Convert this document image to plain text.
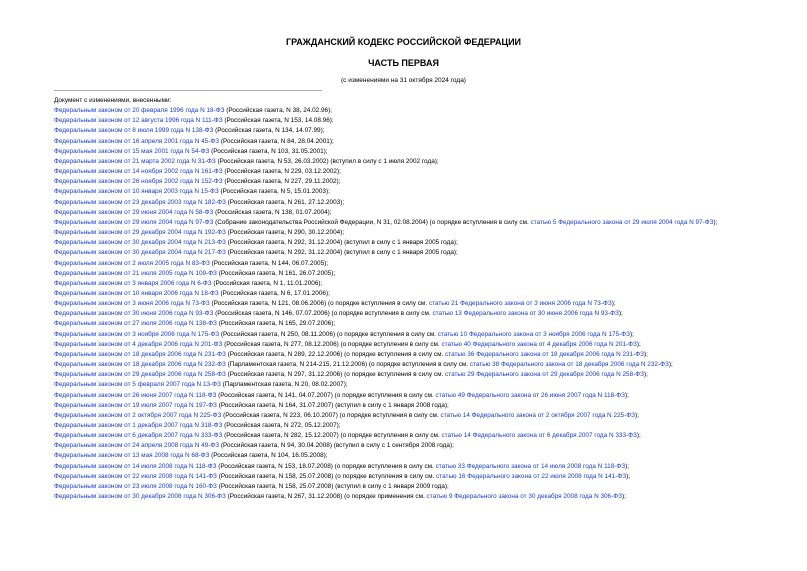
ГРАЖДАНСКИЙ КОДЕКС РОССИЙСКОЙ ФЕДЕРАЦИИ
ЧАСТЬ ПЕРВАЯ
(с изменениями на 31 октября 2024 года)
Документ с изменениями, внесенными:
Федеральным законом от 20 февраля 1996 года N 18-ФЗ (Российская газета, N 38, 24.02.96);
Федеральным законом от 12 августа 1996 года N 111-ФЗ (Российская газета, N 153, 14.08.96);
Федеральным законом от 8 июля 1999 года N 138-ФЗ (Российская газета, N 134, 14.07.99);
Федеральным законом от 16 апреля 2001 года N 45-ФЗ (Российская газета, N 84, 28.04.2001);
Федеральным законом от 15 мая 2001 года N 54-ФЗ (Российская газета, N 103, 31.05.2001);
Федеральным законом от 21 марта 2002 года N 31-ФЗ (Российская газета, N 53, 26.03.2002) (вступил в силу с 1 июля 2002 года);
Федеральным законом от 14 ноября 2002 года N 161-ФЗ (Российская газета, N 229, 03.12.2002);
Федеральным законом от 26 ноября 2002 года N 152-ФЗ (Российская газета, N 227, 29.11.2002);
Федеральным законом от 10 января 2003 года N 15-ФЗ (Российская газета, N 5, 15.01.2003);
Федеральным законом от 23 декабря 2003 года N 182-ФЗ (Российская газета, N 261, 27.12.2003);
Федеральным законом от 29 июня 2004 года N 58-ФЗ (Российская газета, N 138, 01.07.2004);
Федеральным законом от 29 июля 2004 года N 97-ФЗ (Собрание законодательства Российской Федерации, N 31, 02.08.2004) (о порядке вступления в силу см. статью 5 Федерального закона от 29 июля 2004 года N 97-ФЗ);
Федеральным законом от 29 декабря 2004 года N 192-ФЗ (Российская газета, N 290, 30.12.2004);
Федеральным законом от 30 декабря 2004 года N 213-ФЗ (Российская газета, N 292, 31.12.2004) (вступил в силу с 1 января 2005 года);
Федеральным законом от 30 декабря 2004 года N 217-ФЗ (Российская газета, N 292, 31.12.2004) (вступил в силу с 1 января 2005 года);
Федеральным законом от 2 июля 2005 года N 83-ФЗ (Российская газета, N 144, 06.07.2005);
Федеральным законом от 21 июля 2005 года N 109-ФЗ (Российская газета, N 161, 26.07.2005);
Федеральным законом от 3 января 2006 года N 6-ФЗ (Российская газета, N 1, 11.01.2006);
Федеральным законом от 10 января 2006 года N 18-ФЗ (Российская газета, N 6, 17.01.2006);
Федеральным законом от 3 июня 2006 года N 73-ФЗ (Российская газета, N 121, 08.06.2006) (о порядке вступления в силу см. статью 21 Федерального закона от 3 июня 2006 года N 73-ФЗ);
Федеральным законом от 30 июня 2006 года N 93-ФЗ (Российская газета, N 146, 07.07.2006) (о порядке вступления в силу см. статью 13 Федерального закона от 30 июня 2006 года N 93-ФЗ);
Федеральным законом от 27 июля 2006 года N 138-ФЗ (Российская газета, N 165, 29.07.2006);
Федеральным законом от 3 ноября 2006 года N 175-ФЗ (Российская газета, N 250, 08.11.2006) (о порядке вступления в силу см. статью 10 Федерального закона от 3 ноября 2006 года N 175-ФЗ);
Федеральным законом от 4 декабря 2006 года N 201-ФЗ (Российская газета, N 277, 08.12.2006) (о порядке вступления в силу см. статью 40 Федерального закона от 4 декабря 2006 года N 201-ФЗ);
Федеральным законом от 18 декабря 2006 года N 231-ФЗ (Российская газета, N 289, 22.12.2006) (о порядке вступления в силу см. статью 36 Федерального закона от 18 декабря 2006 года N 231-ФЗ);
Федеральным законом от 18 декабря 2006 года N 232-ФЗ (Парламентская газета, N 214-215, 21.12.2006) (о порядке вступления в силу см. статью 38 Федерального закона от 18 декабря 2006 года N 232-ФЗ);
Федеральным законом от 29 декабря 2006 года N 258-ФЗ (Российская газета, N 297, 31.12.2006) (о порядке вступления в силу см. статью 29 Федерального закона от 29 декабря 2006 года N 258-ФЗ);
Федеральным законом от 5 февраля 2007 года N 13-ФЗ (Парламентская газета, N 20, 08.02.2007);
Федеральным законом от 26 июня 2007 года N 118-ФЗ (Российская газета, N 141, 04.07.2007) (о порядке вступления в силу см. статью 49 Федерального закона от 26 июня 2007 года N 118-ФЗ);
Федеральным законом от 19 июля 2007 года N 197-ФЗ (Российская газета, N 164, 31.07.2007) (вступил в силу с 1 января 2008 года);
Федеральным законом от 2 октября 2007 года N 225-ФЗ (Российская газета, N 223, 06.10.2007) (о порядке вступления в силу см. статью 14 Федерального закона от 2 октября 2007 года N 225-ФЗ);
Федеральным законом от 1 декабря 2007 года N 318-ФЗ (Российская газета, N 272, 05.12.2007);
Федеральным законом от 6 декабря 2007 года N 333-ФЗ (Российская газета, N 282, 15.12.2007) (о порядке вступления в силу см. статью 14 Федерального закона от 6 декабря 2007 года N 333-ФЗ);
Федеральным законом от 24 апреля 2008 года N 49-ФЗ (Российская газета, N 94, 30.04.2008) (вступил в силу с 1 сентября 2008 года);
Федеральным законом от 13 мая 2008 года N 68-ФЗ (Российская газета, N 104, 16.05.2008);
Федеральным законом от 14 июля 2008 года N 118-ФЗ (Российская газета, N 153, 18.07.2008) (о порядке вступления в силу см. статью 33 Федерального закона от 14 июля 2008 года N 118-ФЗ);
Федеральным законом от 22 июля 2008 года N 141-ФЗ (Российская газета, N 158, 25.07.2008) (о порядке вступления в силу см. статью 16 Федерального закона от 22 июля 2008 года N 141-ФЗ);
Федеральным законом от 23 июля 2008 года N 160-ФЗ (Российская газета, N 158, 25.07.2008) (вступил в силу с 1 января 2009 года);
Федеральным законом от 30 декабря 2008 года N 306-ФЗ (Российская газета, N 267, 31.12.2008) (о порядке применения см. статью 9 Федерального закона от 30 декабря 2008 года N 306-ФЗ);
